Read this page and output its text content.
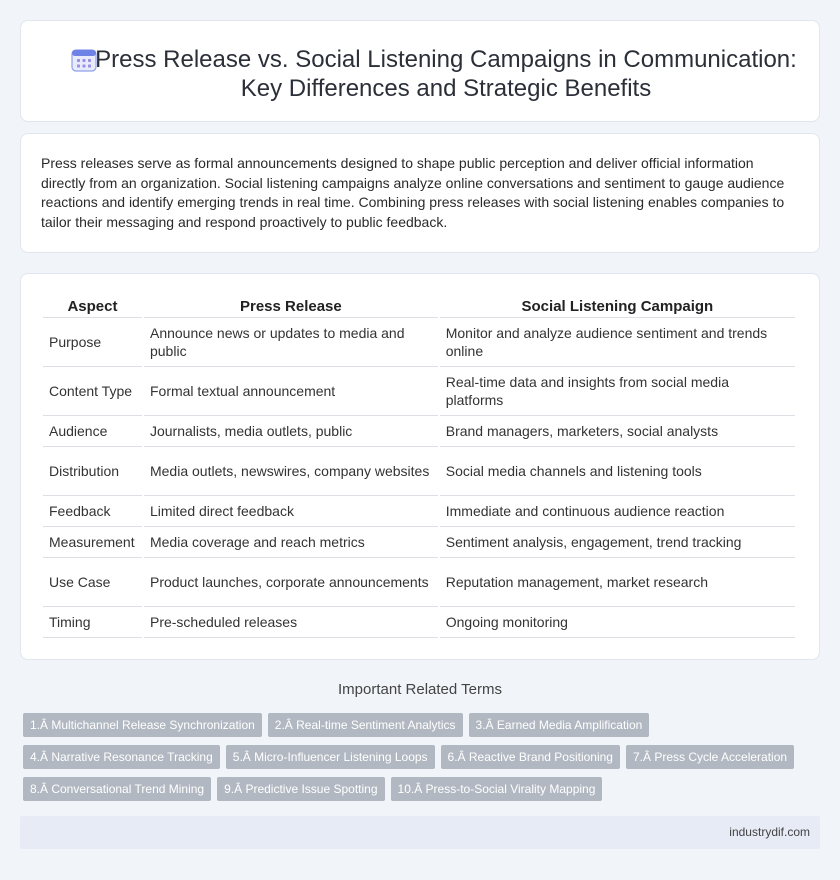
Press Release vs. Social Listening Campaigns in Communication: Key Differences and Strategic Benefits

Press releases serve as formal announcements designed to shape public perception and deliver official information directly from an organization. Social listening campaigns analyze online conversations and sentiment to gauge audience reactions and identify emerging trends in real time. Combining press releases with social listening enables companies to tailor their messaging and respond proactively to public feedback.

Aspect	Press Release	Social Listening Campaign
Purpose	Announce news or updates to media and public	Monitor and analyze audience sentiment and trends online
Content Type	Formal textual announcement	Real-time data and insights from social media platforms
Audience	Journalists, media outlets, public	Brand managers, marketers, social analysts
Distribution	Media outlets, newswires, company websites	Social media channels and listening tools
Feedback	Limited direct feedback	Immediate and continuous audience reaction
Measurement	Media coverage and reach metrics	Sentiment analysis, engagement, trend tracking
Use Case	Product launches, corporate announcements	Reputation management, market research
Timing	Pre-scheduled releases	Ongoing monitoring
Important Related Terms
1.Â Multichannel Release Synchronization	2.Â Real-time Sentiment Analytics	3.Â Earned Media Amplification
4.Â Narrative Resonance Tracking	5.Â Micro-Influencer Listening Loops	6.Â Reactive Brand Positioning	7.Â Press Cycle Acceleration
8.Â Conversational Trend Mining	9.Â Predictive Issue Spotting	10.Â Press-to-Social Virality Mapping
industrydif.com
